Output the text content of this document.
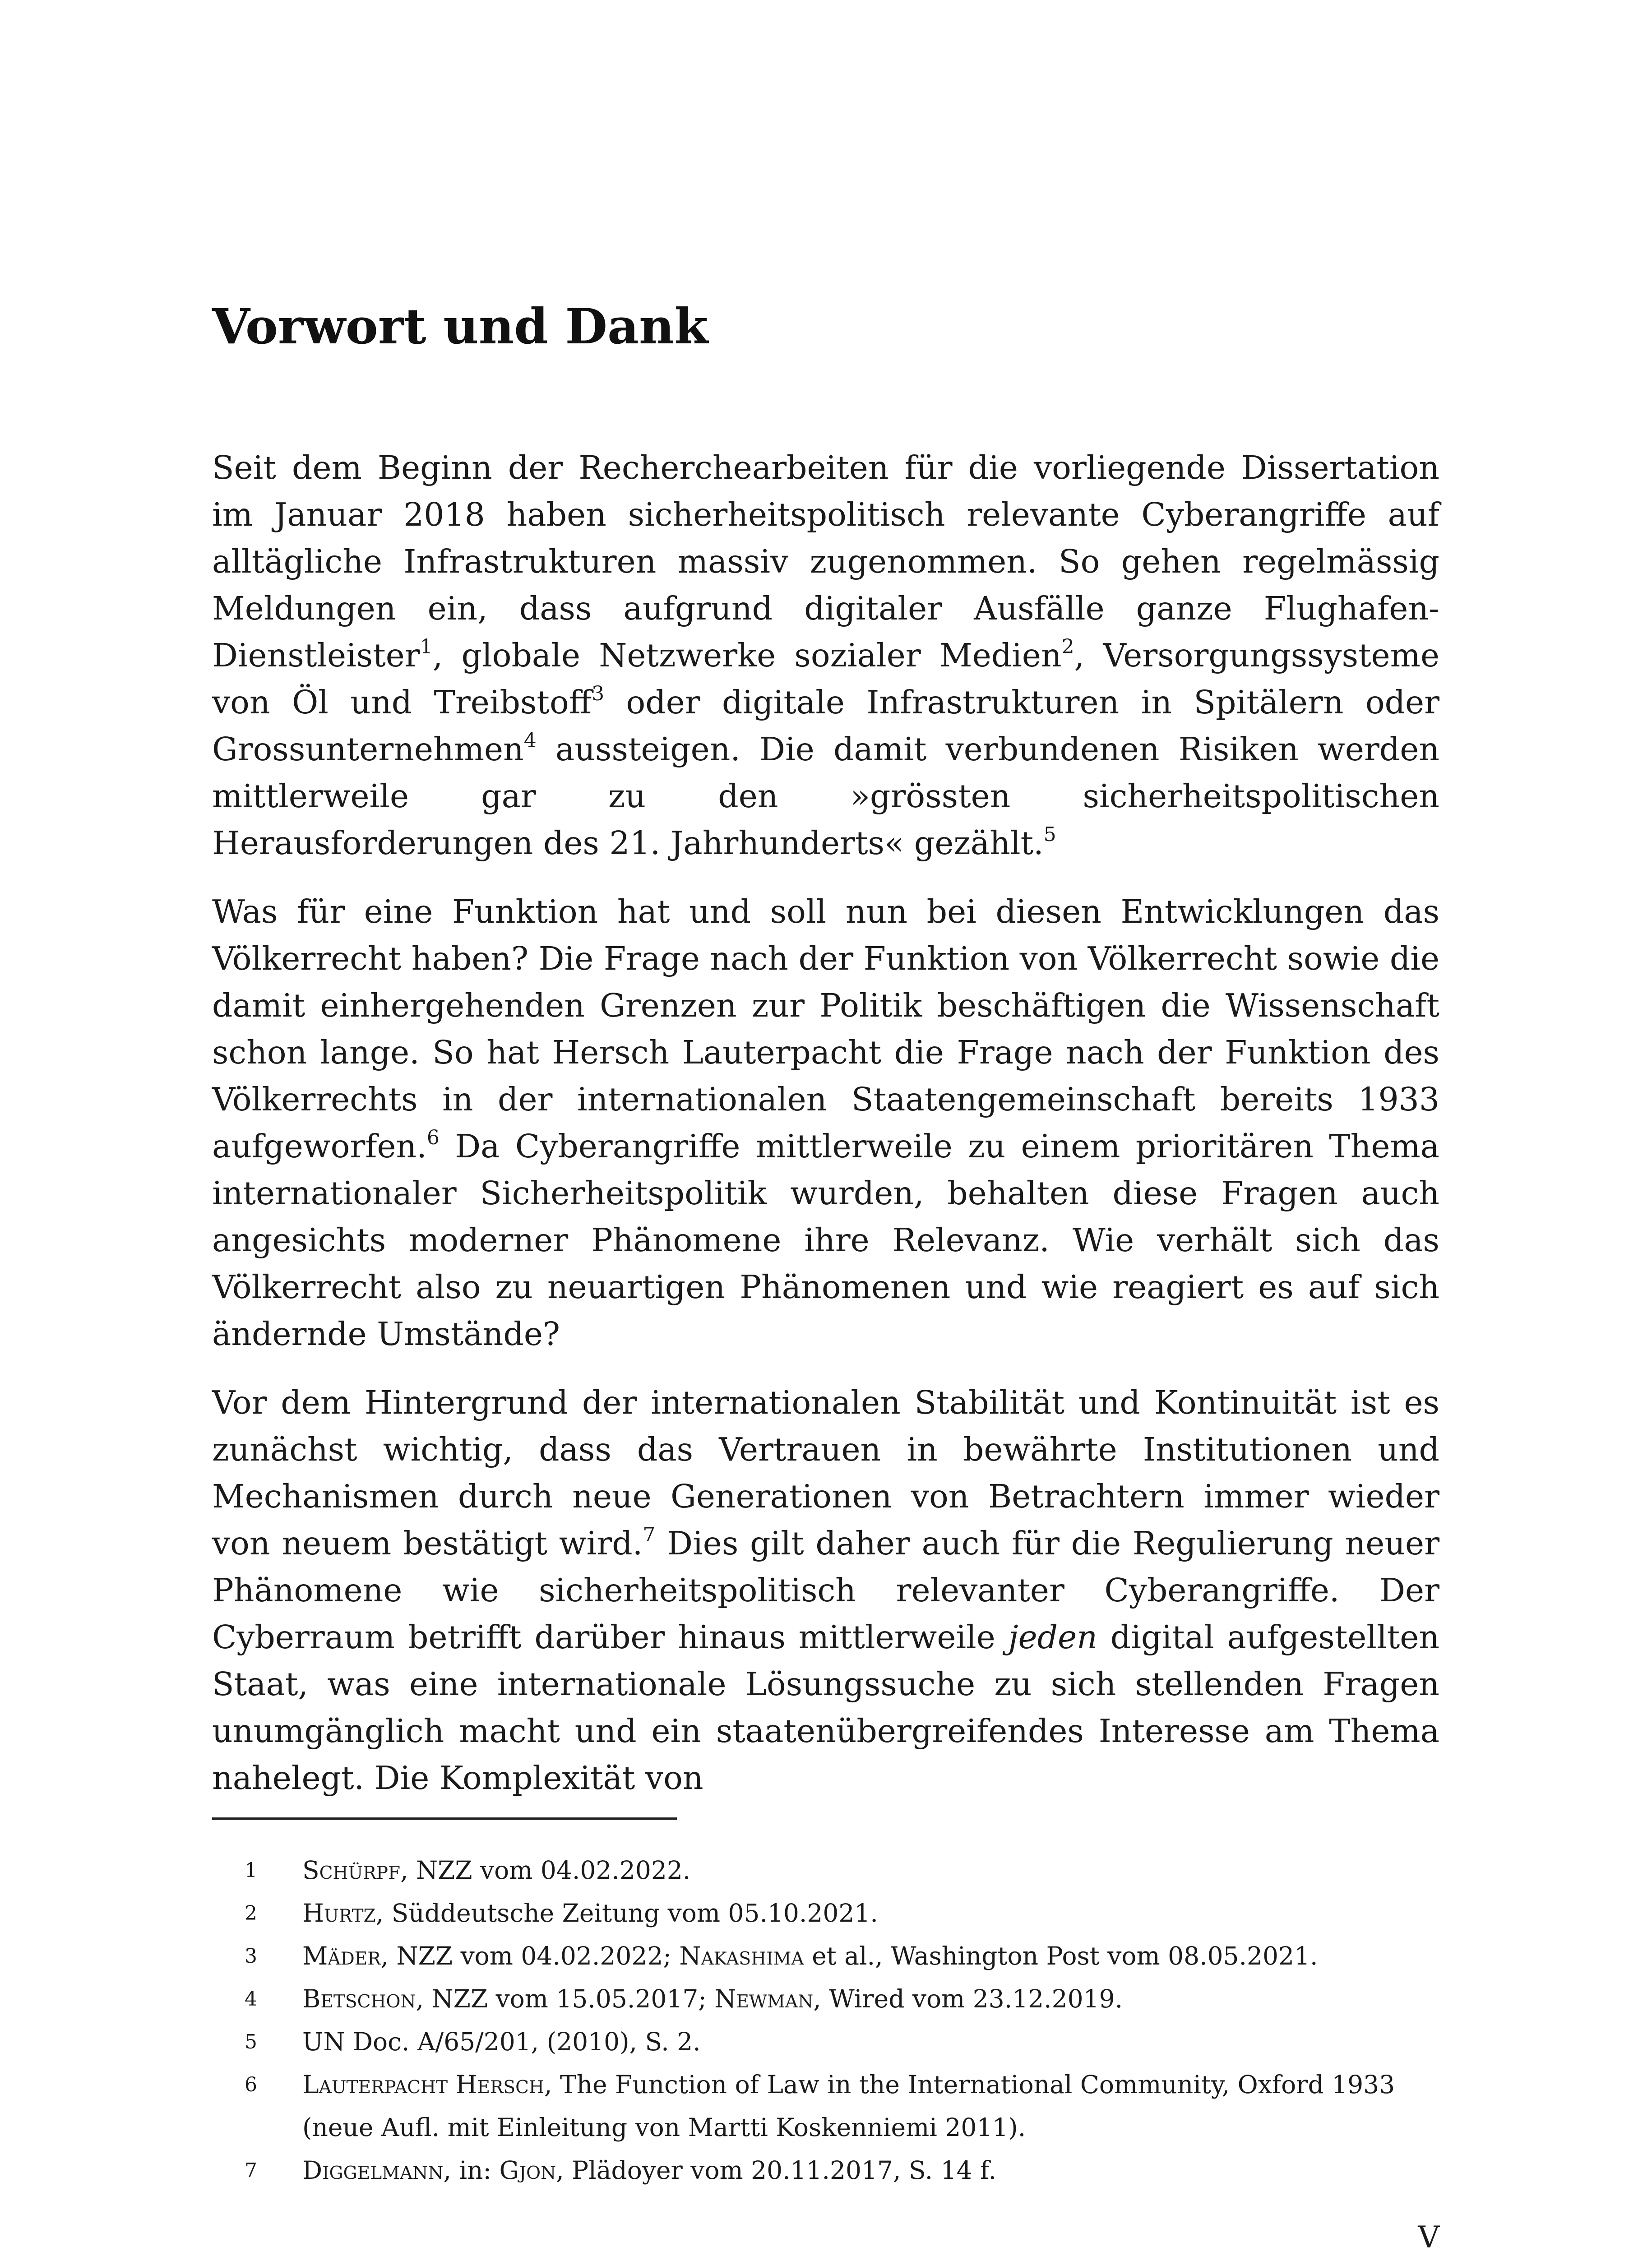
Vorwort und Dank

Seit dem Beginn der Recherchearbeiten für die vorliegende Dissertation im Januar 2018 haben sicherheitspolitisch relevante Cyberangriffe auf alltägliche Infrastrukturen massiv zugenommen. So gehen regelmässig Meldungen ein, dass aufgrund digitaler Ausfälle ganze Flughafen-Dienstleister$^1$, globale Netzwerke sozialer Medien$^2$, Versorgungssysteme von Öl und Treibstoff$^3$ oder digitale Infrastrukturen in Spitälern oder Grossunternehmen$^4$ aussteigen. Die damit verbundenen Risiken werden mittlerweile gar zu den »grössten sicherheitspolitischen Herausforderungen des 21. Jahrhunderts« gezählt.$^5$

Was für eine Funktion hat und soll nun bei diesen Entwicklungen das Völkerrecht haben? Die Frage nach der Funktion von Völkerrecht sowie die damit einhergehenden Grenzen zur Politik beschäftigen die Wissenschaft schon lange. So hat Hersch Lauterpacht die Frage nach der Funktion des Völkerrechts in der internationalen Staatengemeinschaft bereits 1933 aufgeworfen.$^6$ Da Cyberangriffe mittlerweile zu einem prioritären Thema internationaler Sicherheitspolitik wurden, behalten diese Fragen auch angesichts moderner Phänomene ihre Relevanz. Wie verhält sich das Völkerrecht also zu neuartigen Phänomenen und wie reagiert es auf sich ändernde Umstände?

Vor dem Hintergrund der internationalen Stabilität und Kontinuität ist es zunächst wichtig, dass das Vertrauen in bewährte Institutionen und Mechanismen durch neue Generationen von Betrachtern immer wieder von neuem bestätigt wird.$^7$ Dies gilt daher auch für die Regulierung neuer Phänomene wie sicherheitspolitisch relevanter Cyberangriffe. Der Cyberraum betrifft darüber hinaus mittlerweile jeden digital aufgestellten Staat, was eine internationale Lösungssuche zu sich stellenden Fragen unumgänglich macht und ein staatenübergreifendes Interesse am Thema nahelegt. Die Komplexität von

1	Schürpf, NZZ vom 04.02.2022.
2	Hurtz, Süddeutsche Zeitung vom 05.10.2021.
3	Mäder, NZZ vom 04.02.2022; Nakashima et al., Washington Post vom 08.05.2021.
4	Betschon, NZZ vom 15.05.2017; Newman, Wired vom 23.12.2019.
5	UN Doc. A/65/201, (2010), S. 2.
6	Lauterpacht Hersch, The Function of Law in the International Community, Oxford 1933 (neue Aufl. mit Einleitung von Martti Koskenniemi 2011).
7	Diggelmann, in: Gjon, Plädoyer vom 20.11.2017, S. 14 f.
V
